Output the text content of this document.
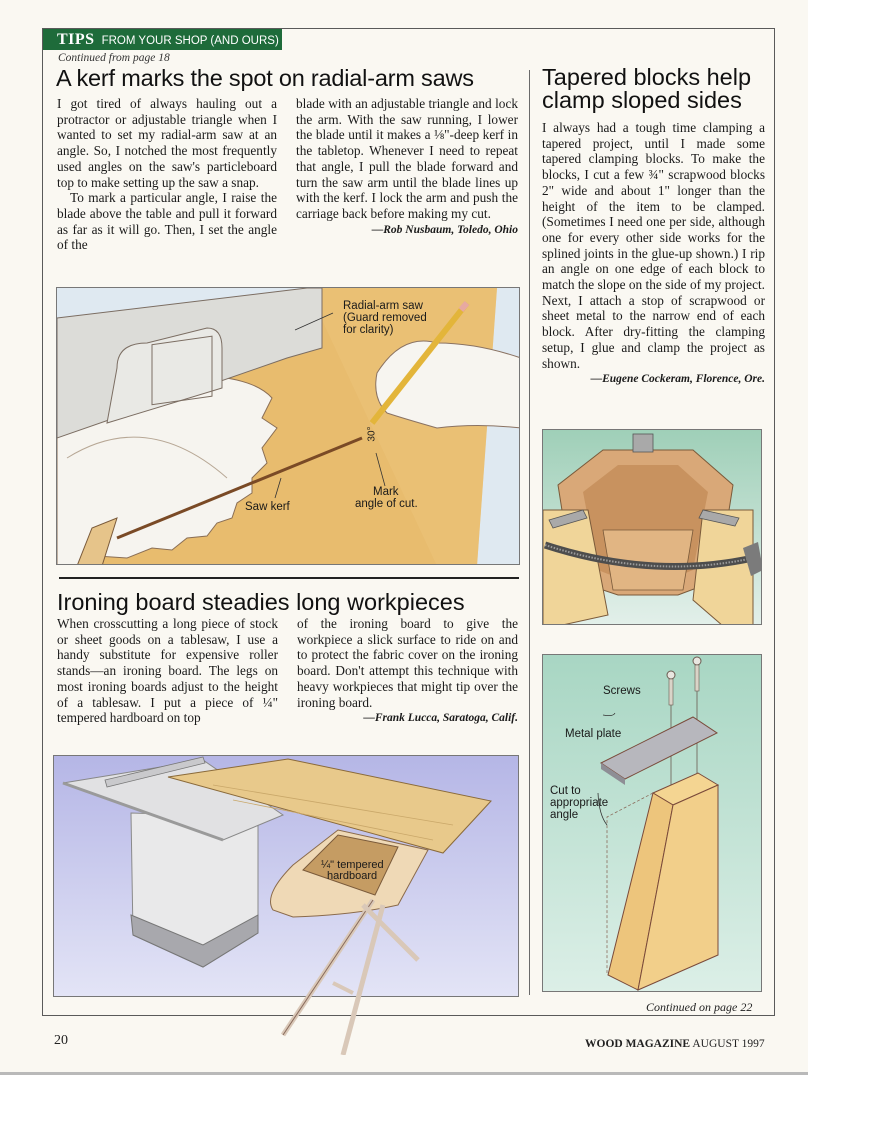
TIPS FROM YOUR SHOP (AND OURS)
Continued from page 18
A kerf marks the spot on radial-arm saws

I got tired of always hauling out a protractor or adjustable triangle when I wanted to set my radial-arm saw at an angle. So, I notched the most frequently used angles on the saw's particleboard top to make setting up the saw a snap.

To mark a particular angle, I raise the blade above the table and pull it forward as far as it will go. Then, I set the angle of the

blade with an adjustable triangle and lock the arm. With the saw running, I lower the blade until it makes a ⅛"-deep kerf in the tabletop. Whenever I need to repeat that angle, I pull the blade forward and turn the saw arm until the blade lines up with the kerf. I lock the arm and push the carriage back before making my cut.

—Rob Nusbaum, Toledo, Ohio
Radial-arm saw
(Guard removed
for clarity)
30°
Saw kerf
Mark
angle of cut.
Tapered blocks help clamp sloped sides

I always had a tough time clamping a tapered project, until I made some tapered clamping blocks. To make the blocks, I cut a few ¾" scrapwood blocks 2" wide and about 1" longer than the height of the item to be clamped. (Sometimes I need one per side, although one for every other side works for the splined joints in the glue-up shown.) I rip an angle on one edge of each block to match the slope on the side of my project. Next, I attach a stop of scrapwood or sheet metal to the narrow end of each block. After dry-fitting the clamping setup, I glue and clamp the project as shown.

—Eugene Cockeram, Florence, Ore.
Screws
Metal plate
Cut to
appropriate
angle
Ironing board steadies long workpieces

When crosscutting a long piece of stock or sheet goods on a tablesaw, I use a handy substitute for expensive roller stands—an ironing board. The legs on most ironing boards adjust to the height of a tablesaw. I put a piece of ¼" tempered hardboard on top

of the ironing board to give the workpiece a slick surface to ride on and to protect the fabric cover on the ironing board. Don't attempt this technique with heavy workpieces that might tip over the ironing board.

—Frank Lucca, Saratoga, Calif.
¼" tempered
hardboard
Continued on page 22
20	WOOD MAGAZINE AUGUST 1997
